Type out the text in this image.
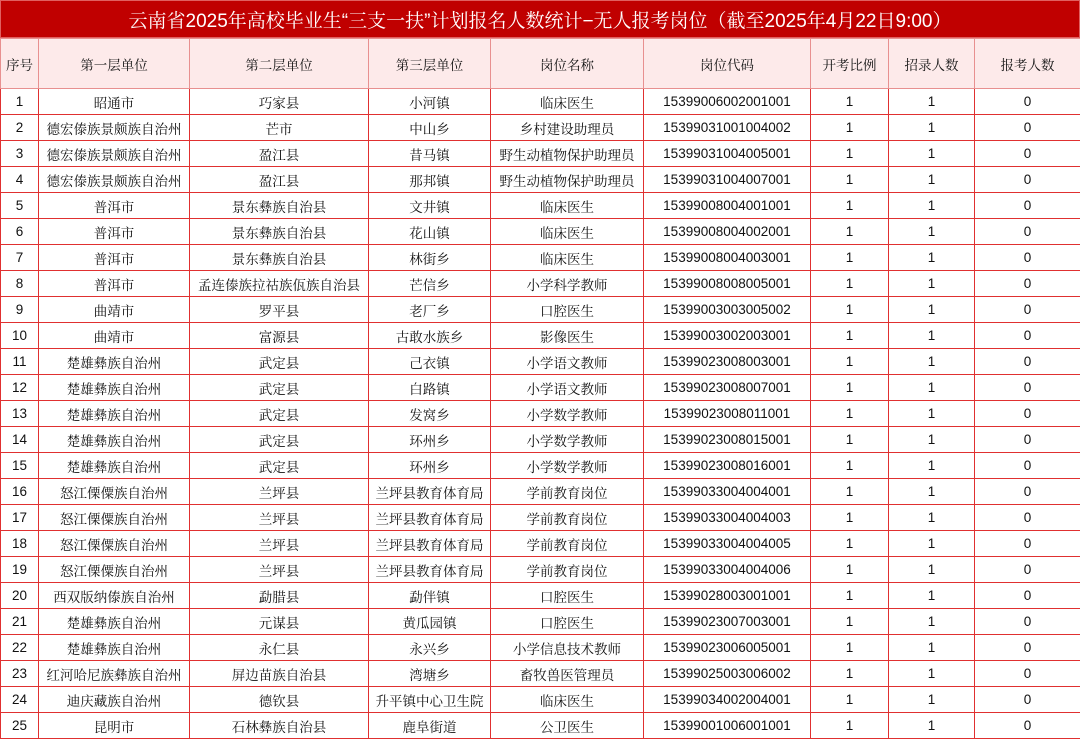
云南省2025年高校毕业生“三支一扶”计划报名人数统计−无人报考岗位（截至2025年4月22日9:00）
序号	第一层单位	第二层单位	第三层单位	岗位名称	岗位代码	开考比例	招录人数	报考人数
1	昭通市	巧家县	小河镇	临床医生	15399006002001001	1	1	0
2	德宏傣族景颇族自治州	芒市	中山乡	乡村建设助理员	15399031001004002	1	1	0
3	德宏傣族景颇族自治州	盈江县	昔马镇	野生动植物保护助理员	15399031004005001	1	1	0
4	德宏傣族景颇族自治州	盈江县	那邦镇	野生动植物保护助理员	15399031004007001	1	1	0
5	普洱市	景东彝族自治县	文井镇	临床医生	15399008004001001	1	1	0
6	普洱市	景东彝族自治县	花山镇	临床医生	15399008004002001	1	1	0
7	普洱市	景东彝族自治县	林街乡	临床医生	15399008004003001	1	1	0
8	普洱市	孟连傣族拉祜族佤族自治县	芒信乡	小学科学教师	15399008008005001	1	1	0
9	曲靖市	罗平县	老厂乡	口腔医生	15399003003005002	1	1	0
10	曲靖市	富源县	古敢水族乡	影像医生	15399003002003001	1	1	0
11	楚雄彝族自治州	武定县	己衣镇	小学语文教师	15399023008003001	1	1	0
12	楚雄彝族自治州	武定县	白路镇	小学语文教师	15399023008007001	1	1	0
13	楚雄彝族自治州	武定县	发窝乡	小学数学教师	15399023008011001	1	1	0
14	楚雄彝族自治州	武定县	环州乡	小学数学教师	15399023008015001	1	1	0
15	楚雄彝族自治州	武定县	环州乡	小学数学教师	15399023008016001	1	1	0
16	怒江傈僳族自治州	兰坪县	兰坪县教育体育局	学前教育岗位	15399033004004001	1	1	0
17	怒江傈僳族自治州	兰坪县	兰坪县教育体育局	学前教育岗位	15399033004004003	1	1	0
18	怒江傈僳族自治州	兰坪县	兰坪县教育体育局	学前教育岗位	15399033004004005	1	1	0
19	怒江傈僳族自治州	兰坪县	兰坪县教育体育局	学前教育岗位	15399033004004006	1	1	0
20	西双版纳傣族自治州	勐腊县	勐伴镇	口腔医生	15399028003001001	1	1	0
21	楚雄彝族自治州	元谋县	黄瓜园镇	口腔医生	15399023007003001	1	1	0
22	楚雄彝族自治州	永仁县	永兴乡	小学信息技术教师	15399023006005001	1	1	0
23	红河哈尼族彝族自治州	屏边苗族自治县	湾塘乡	畜牧兽医管理员	15399025003006002	1	1	0
24	迪庆藏族自治州	德钦县	升平镇中心卫生院	临床医生	15399034002004001	1	1	0
25	昆明市	石林彝族自治县	鹿阜街道	公卫医生	15399001006001001	1	1	0
